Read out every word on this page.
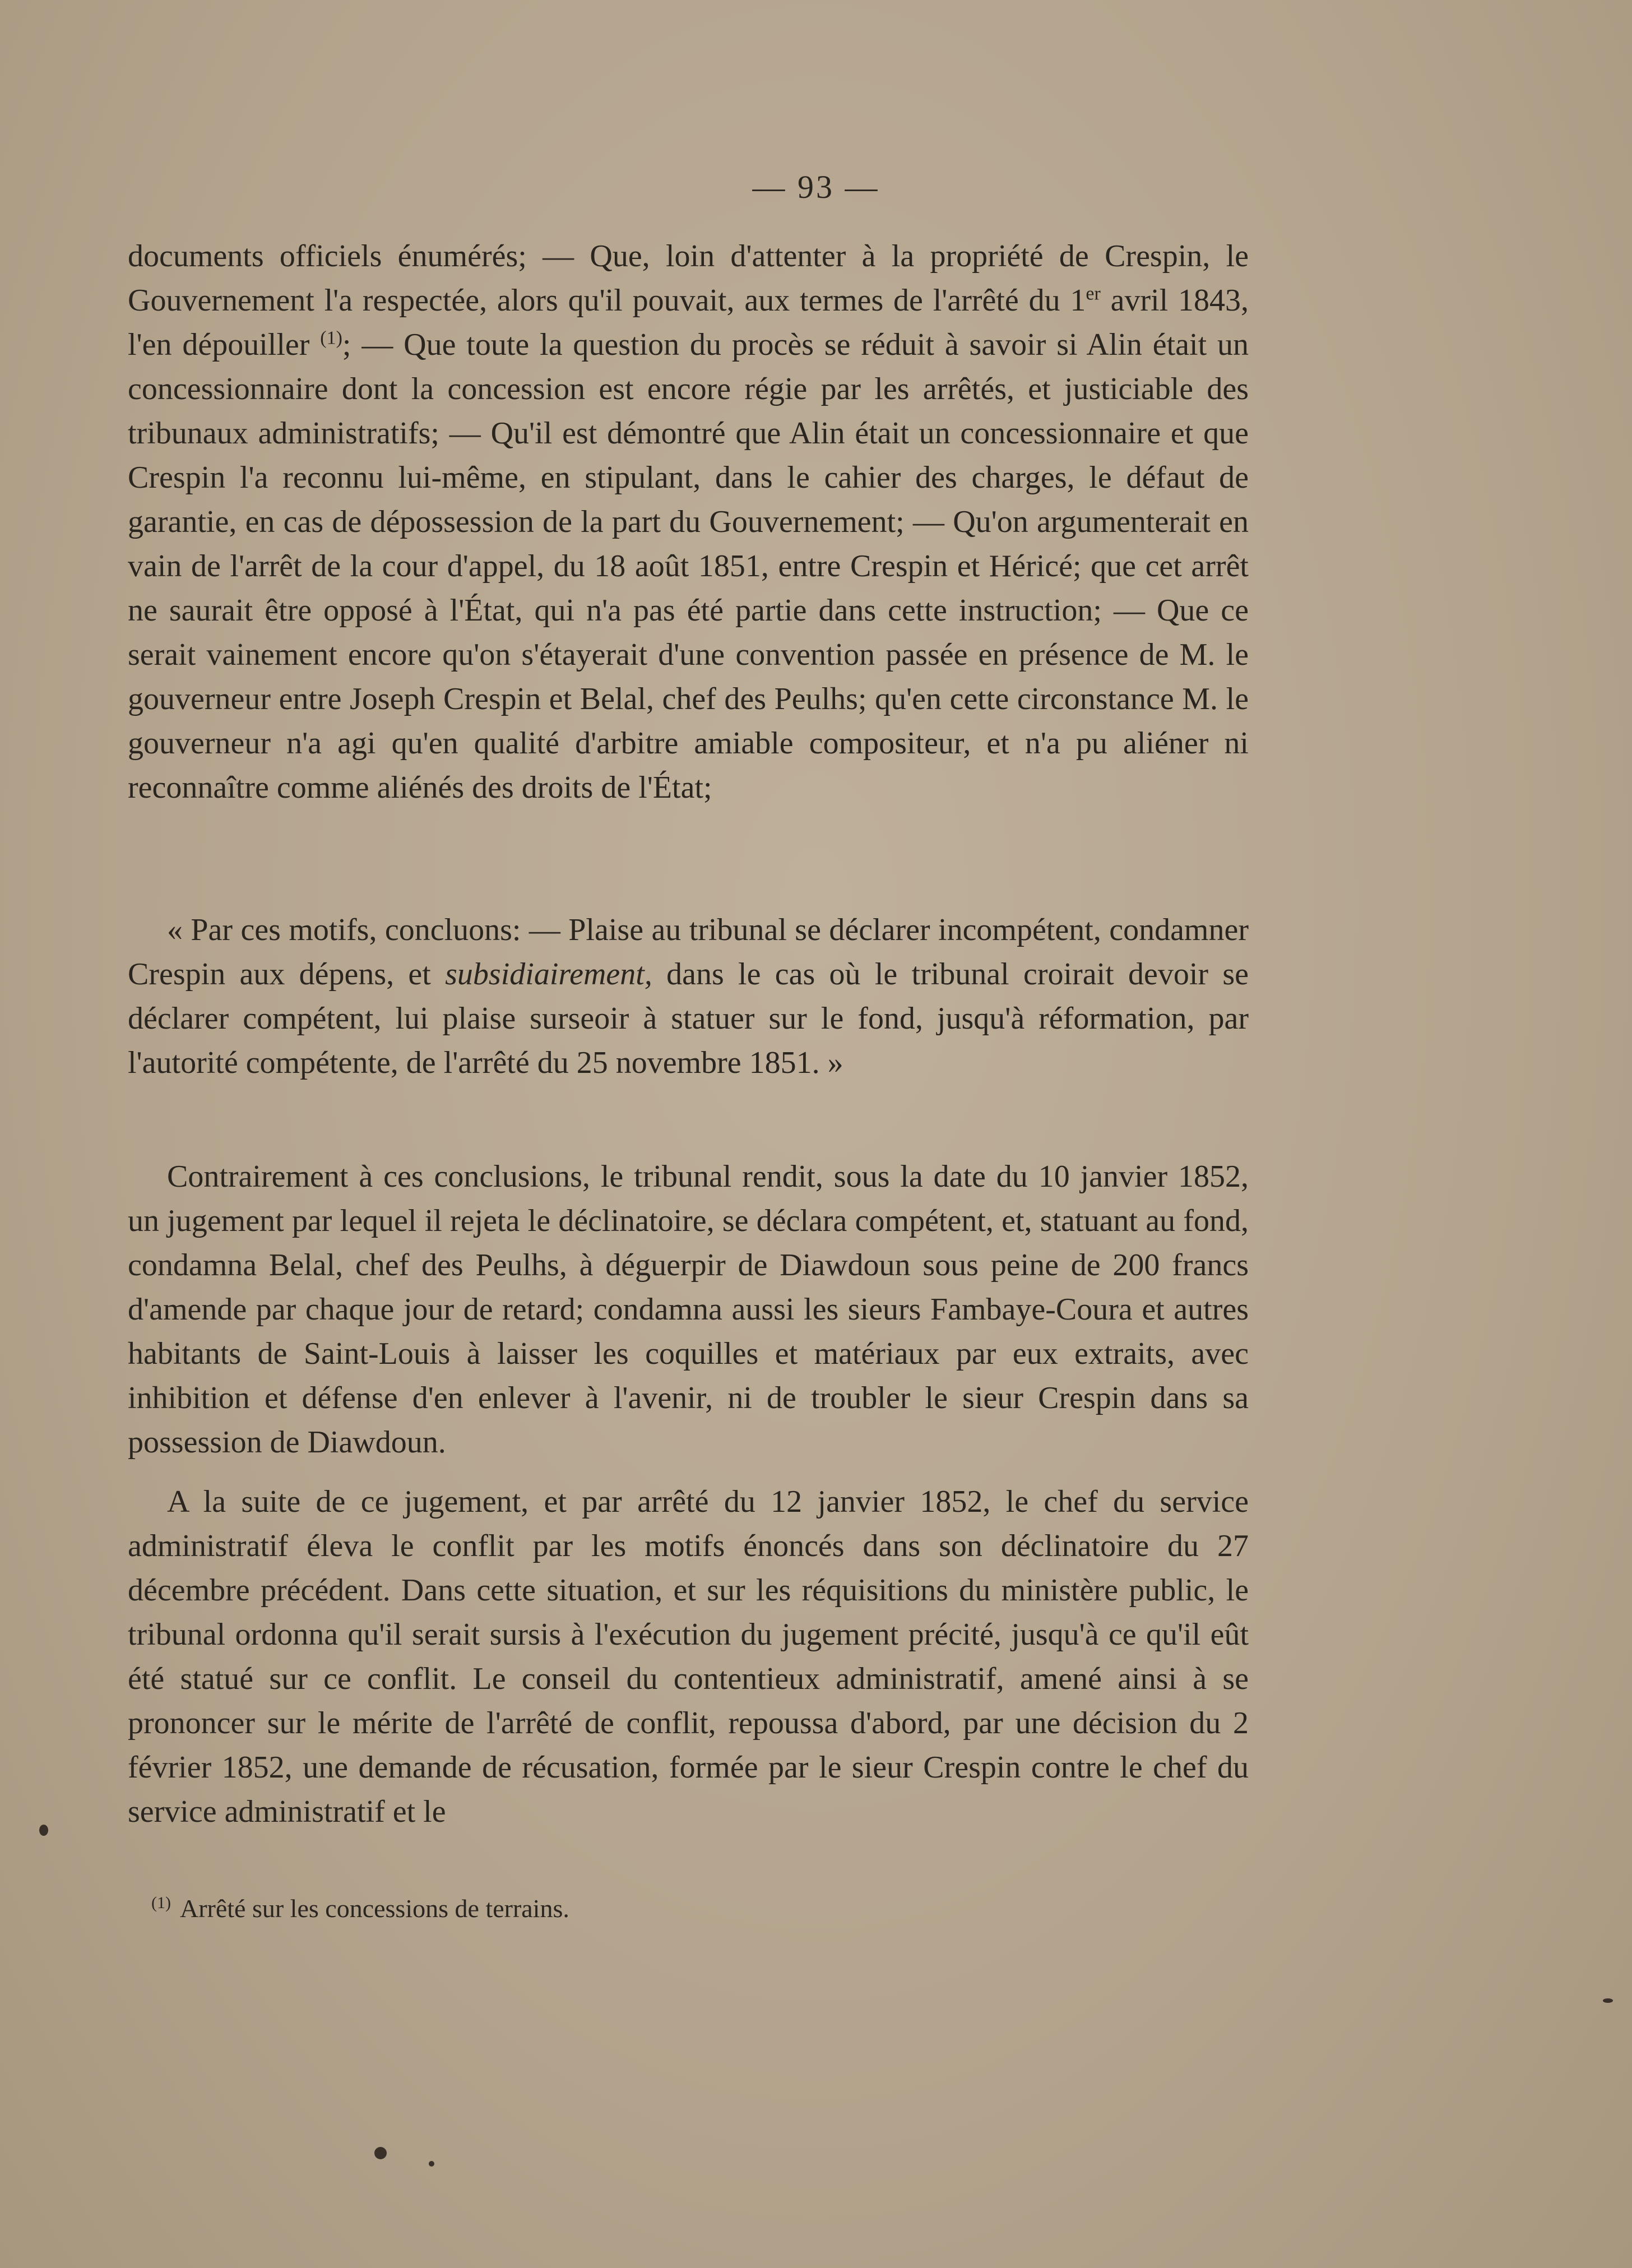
— 93 —

documents officiels énumérés; — Que, loin d'attenter à la propriété de Crespin, le Gouvernement l'a respectée, alors qu'il pouvait, aux termes de l'arrêté du 1er avril 1843, l'en dépouiller $^{(1)}$; — Que toute la question du procès se réduit à savoir si Alin était un concessionnaire dont la concession est encore régie par les arrêtés, et justiciable des tribunaux administratifs; — Qu'il est démontré que Alin était un concessionnaire et que Crespin l'a reconnu lui-même, en stipulant, dans le cahier des charges, le défaut de garantie, en cas de dépossession de la part du Gouvernement; — Qu'on argumenterait en vain de l'arrêt de la cour d'appel, du 18 août 1851, entre Crespin et Héricé; que cet arrêt ne saurait être opposé à l'État, qui n'a pas été partie dans cette instruction; — Que ce serait vainement encore qu'on s'étayerait d'une convention passée en présence de M. le gouverneur entre Joseph Crespin et Belal, chef des Peulhs; qu'en cette circonstance M. le gouverneur n'a agi qu'en qualité d'arbitre amiable compositeur, et n'a pu aliéner ni reconnaître comme aliénés des droits de l'État;

« Par ces motifs, concluons: — Plaise au tribunal se déclarer incompétent, condamner Crespin aux dépens, et subsidiairement, dans le cas où le tribunal croirait devoir se déclarer compétent, lui plaise surseoir à statuer sur le fond, jusqu'à réformation, par l'autorité compétente, de l'arrêté du 25 novembre 1851. »

Contrairement à ces conclusions, le tribunal rendit, sous la date du 10 janvier 1852, un jugement par lequel il rejeta le déclinatoire, se déclara compétent, et, statuant au fond, condamna Belal, chef des Peulhs, à déguerpir de Diawdoun sous peine de 200 francs d'amende par chaque jour de retard; condamna aussi les sieurs Fambaye-Coura et autres habitants de Saint-Louis à laisser les coquilles et matériaux par eux extraits, avec inhibition et défense d'en enlever à l'avenir, ni de troubler le sieur Crespin dans sa possession de Diawdoun.

A la suite de ce jugement, et par arrêté du 12 janvier 1852, le chef du service administratif éleva le conflit par les motifs énoncés dans son déclinatoire du 27 décembre précédent. Dans cette situation, et sur les réquisitions du ministère public, le tribunal ordonna qu'il serait sursis à l'exécution du jugement précité, jusqu'à ce qu'il eût été statué sur ce conflit. Le conseil du contentieux administratif, amené ainsi à se prononcer sur le mérite de l'arrêté de conflit, repoussa d'abord, par une décision du 2 février 1852, une demande de récusation, formée par le sieur Crespin contre le chef du service administratif et le

$^{(1)}$ Arrêté sur les concessions de terrains.
